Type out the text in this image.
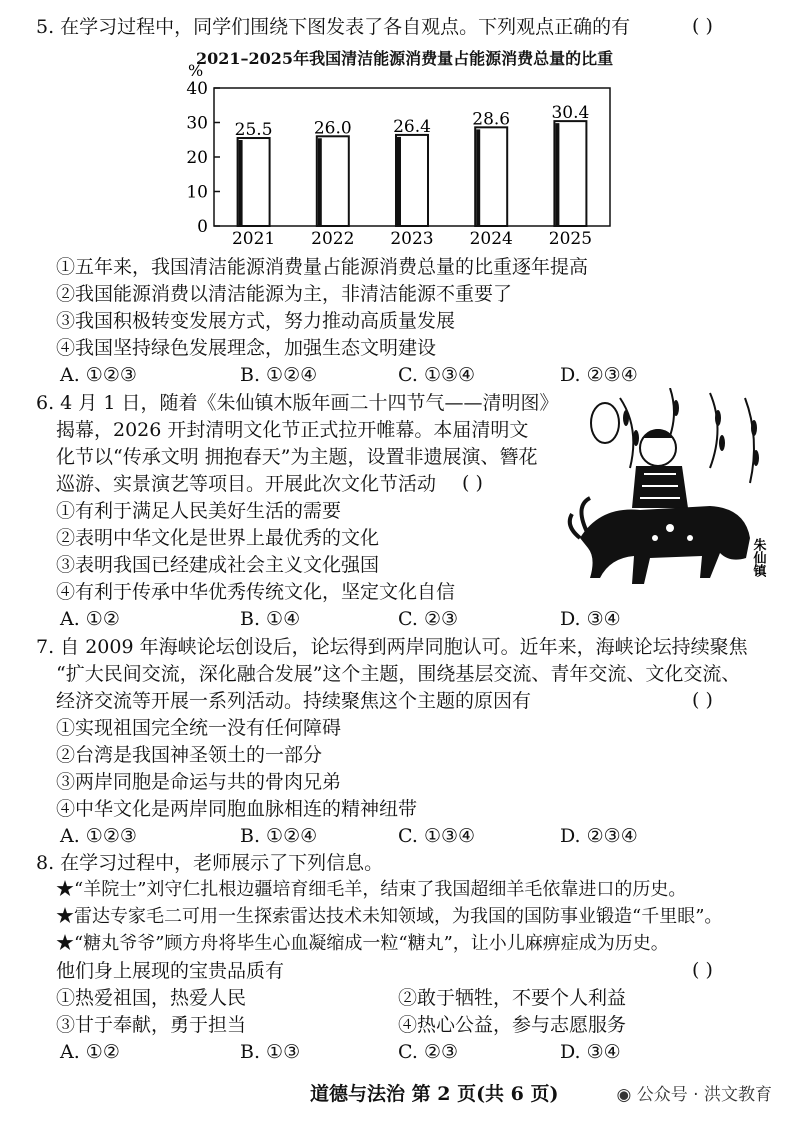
5. 在学习过程中，同学们围绕下图发表了各自观点。下列观点正确的有	( )
2021–2025年我国清洁能源消费量占能源消费总量的比重
%
0
10
20
30
40
25.5
2021
26.0
2022
26.4
2023
28.6
2024
30.4
2025
①五年来，我国清洁能源消费量占能源消费总量的比重逐年提高
②我国能源消费以清洁能源为主，非清洁能源不重要了
③我国积极转变发展方式，努力推动高质量发展
④我国坚持绿色发展理念，加强生态文明建设
A. ①②③	B. ①②④	C. ①③④	D. ②③④
6. 4 月 1 日，随着《朱仙镇木版年画二十四节气——清明图》
揭幕，2026 开封清明文化节正式拉开帷幕。本届清明文
化节以“传承文明 拥抱春天”为主题，设置非遗展演、簪花
巡游、实景演艺等项目。开展此次文化节活动 ( )
①有利于满足人民美好生活的需要
②表明中华文化是世界上最优秀的文化
③表明我国已经建成社会主义文化强国
④有利于传承中华优秀传统文化，坚定文化自信
A. ①②	B. ①④	C. ②③	D. ③④
朱仙镇
7. 自 2009 年海峡论坛创设后，论坛得到两岸同胞认可。近年来，海峡论坛持续聚焦
“扩大民间交流，深化融合发展”这个主题，围绕基层交流、青年交流、文化交流、
经济交流等开展一系列活动。持续聚焦这个主题的原因有	( )
①实现祖国完全统一没有任何障碍
②台湾是我国神圣领土的一部分
③两岸同胞是命运与共的骨肉兄弟
④中华文化是两岸同胞血脉相连的精神纽带
A. ①②③	B. ①②④	C. ①③④	D. ②③④
8. 在学习过程中，老师展示了下列信息。
★“羊院士”刘守仁扎根边疆培育细毛羊，结束了我国超细羊毛依靠进口的历史。
★雷达专家毛二可用一生探索雷达技术未知领域，为我国的国防事业锻造“千里眼”。
★“糖丸爷爷”顾方舟将毕生心血凝缩成一粒“糖丸”，让小儿麻痹症成为历史。
他们身上展现的宝贵品质有	( )
①热爱祖国，热爱人民	②敢于牺牲，不要个人利益
③甘于奉献，勇于担当	④热心公益，参与志愿服务
A. ①②	B. ①③	C. ②③	D. ③④
道德与法治 第 2 页(共 6 页)	◉ 公众号 · 洪文教育
